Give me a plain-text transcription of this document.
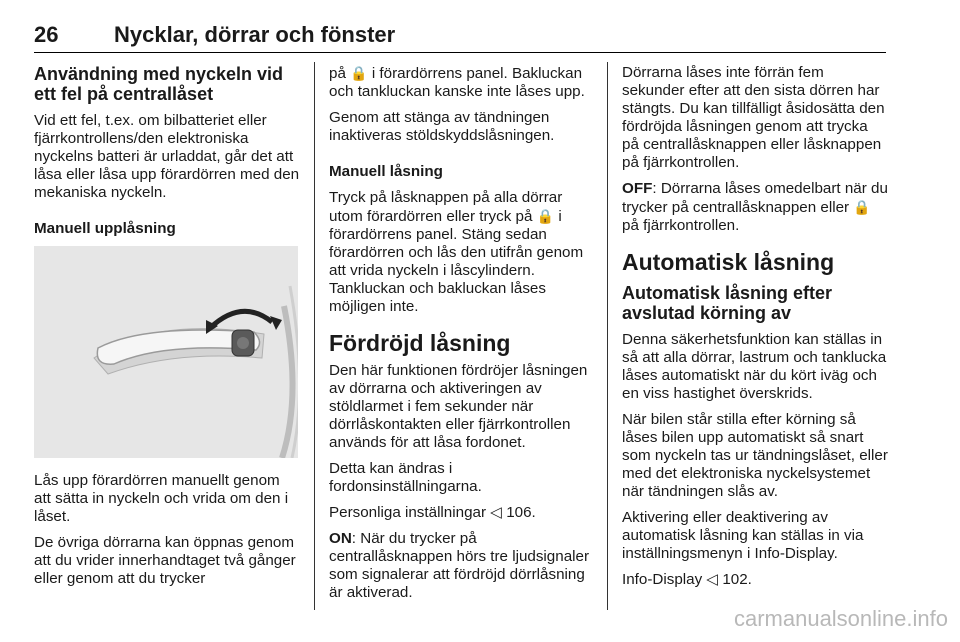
26	Nycklar, dörrar och fönster
Användning med nyckeln vid ett fel på centrallåset

Vid ett fel, t.ex. om bilbatteriet eller fjärrkontrollens/den elektroniska nyckelns batteri är urladdat, går det att låsa eller låsa upp förardörren med den mekaniska nyckeln.

Manuell upplåsning

Lås upp förardörren manuellt genom att sätta in nyckeln och vrida om den i låset.

De övriga dörrarna kan öppnas genom att du vrider innerhandtaget två gånger eller genom att du trycker

på 🔒 i förardörrens panel. Bakluckan och tankluckan kanske inte låses upp.

Genom att stänga av tändningen inaktiveras stöldskyddslåsningen.

Manuell låsning

Tryck på låsknappen på alla dörrar utom förardörren eller tryck på 🔒 i förardörrens panel. Stäng sedan förardörren och lås den utifrån genom att vrida nyckeln i låscylindern. Tankluckan och bakluckan låses möjligen inte.

Fördröjd låsning

Den här funktionen fördröjer låsningen av dörrarna och aktiveringen av stöldlarmet i fem sekunder när dörrlåskontakten eller fjärrkontrollen används för att låsa fordonet.

Detta kan ändras i fordonsinställningarna.

Personliga inställningar ◁ 106.

ON: När du trycker på centrallåsknappen hörs tre ljudsignaler som signalerar att fördröjd dörrlåsning är aktiverad.

Dörrarna låses inte förrän fem sekunder efter att den sista dörren har stängts. Du kan tillfälligt åsidosätta den fördröjda låsningen genom att trycka på centrallåsknappen eller låsknappen på fjärrkontrollen.

OFF: Dörrarna låses omedelbart när du trycker på centrallåsknappen eller 🔒 på fjärrkontrollen.

Automatisk låsning
Automatisk låsning efter avslutad körning av

Denna säkerhetsfunktion kan ställas in så att alla dörrar, lastrum och tanklucka låses automatiskt när du kört iväg och en viss hastighet överskrids.

När bilen står stilla efter körning så låses bilen upp automatiskt så snart som nyckeln tas ur tändningslåset, eller med det elektroniska nyckelsystemet när tändningen slås av.

Aktivering eller deaktivering av automatisk låsning kan ställas in via inställningsmenyn i Info-Display.

Info-Display ◁ 102.

carmanualsonline.info
